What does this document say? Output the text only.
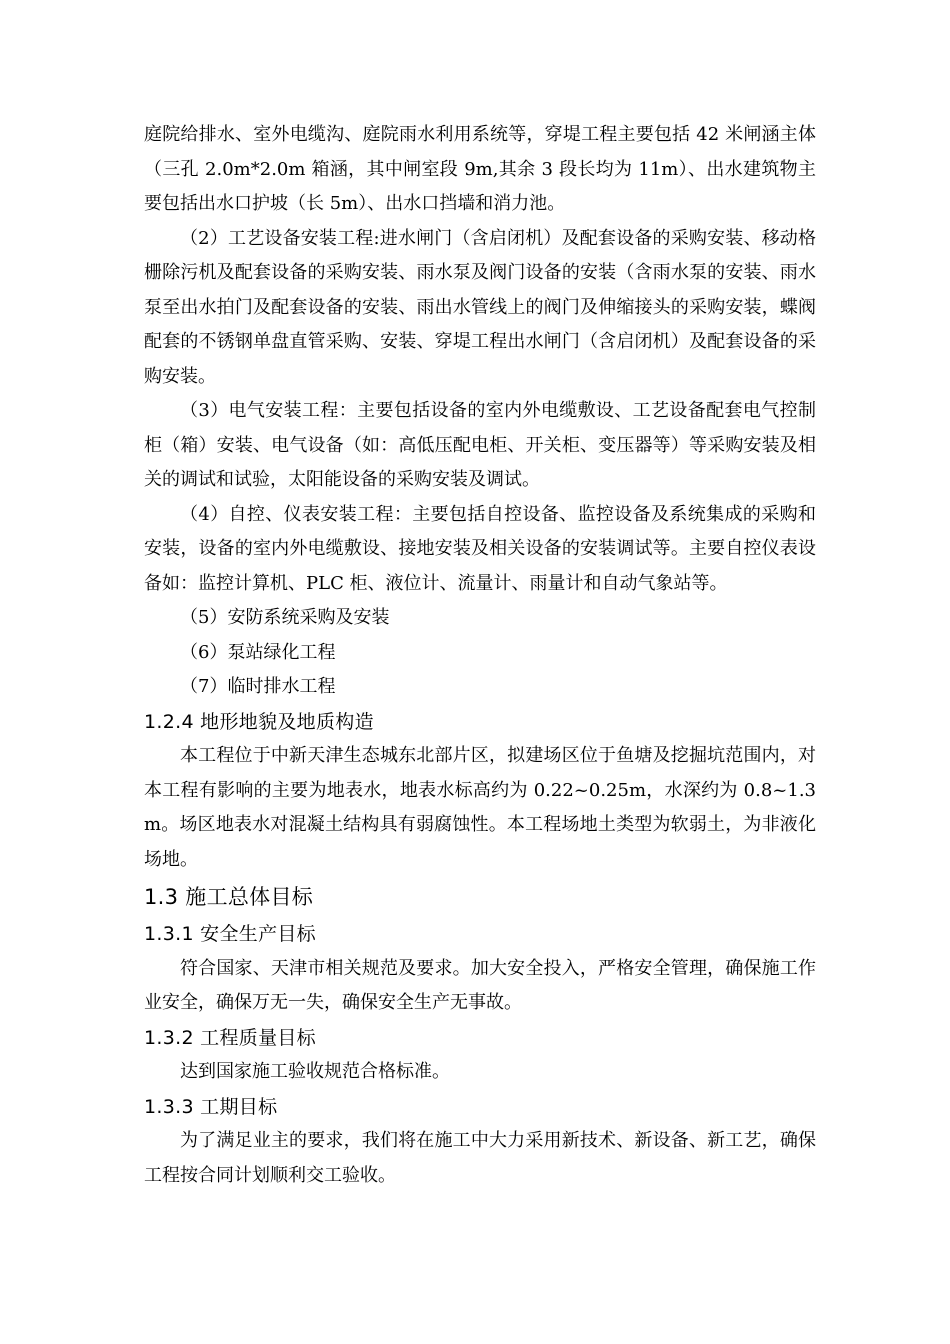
庭院给排水、室外电缆沟、庭院雨水利用系统等，穿堤工程主要包括 42 米闸涵主体（三孔 2.0m*2.0m 箱涵，其中闸室段 9m,其余 3 段长均为 11m）、出水建筑物主要包括出水口护坡（长 5m）、出水口挡墙和消力池。

（2）工艺设备安装工程:进水闸门（含启闭机）及配套设备的采购安装、移动格栅除污机及配套设备的采购安装、雨水泵及阀门设备的安装（含雨水泵的安装、雨水泵至出水拍门及配套设备的安装、雨出水管线上的阀门及伸缩接头的采购安装，蝶阀配套的不锈钢单盘直管采购、安装、穿堤工程出水闸门（含启闭机）及配套设备的采购安装。

（3）电气安装工程：主要包括设备的室内外电缆敷设、工艺设备配套电气控制柜（箱）安装、电气设备（如：高低压配电柜、开关柜、变压器等）等采购安装及相关的调试和试验，太阳能设备的采购安装及调试。

（4）自控、仪表安装工程：主要包括自控设备、监控设备及系统集成的采购和安装，设备的室内外电缆敷设、接地安装及相关设备的安装调试等。主要自控仪表设备如：监控计算机、PLC 柜、液位计、流量计、雨量计和自动气象站等。

（5）安防系统采购及安装

（6）泵站绿化工程

（7）临时排水工程

1.2.4 地形地貌及地质构造

本工程位于中新天津生态城东北部片区，拟建场区位于鱼塘及挖掘坑范围内，对本工程有影响的主要为地表水，地表水标高约为 0.22~0.25m，水深约为 0.8~1.3m。场区地表水对混凝土结构具有弱腐蚀性。本工程场地土类型为软弱土，为非液化场地。

1.3 施工总体目标
1.3.1 安全生产目标

符合国家、天津市相关规范及要求。加大安全投入，严格安全管理，确保施工作业安全，确保万无一失，确保安全生产无事故。

1.3.2 工程质量目标

达到国家施工验收规范合格标准。

1.3.3 工期目标

为了满足业主的要求，我们将在施工中大力采用新技术、新设备、新工艺，确保工程按合同计划顺利交工验收。
